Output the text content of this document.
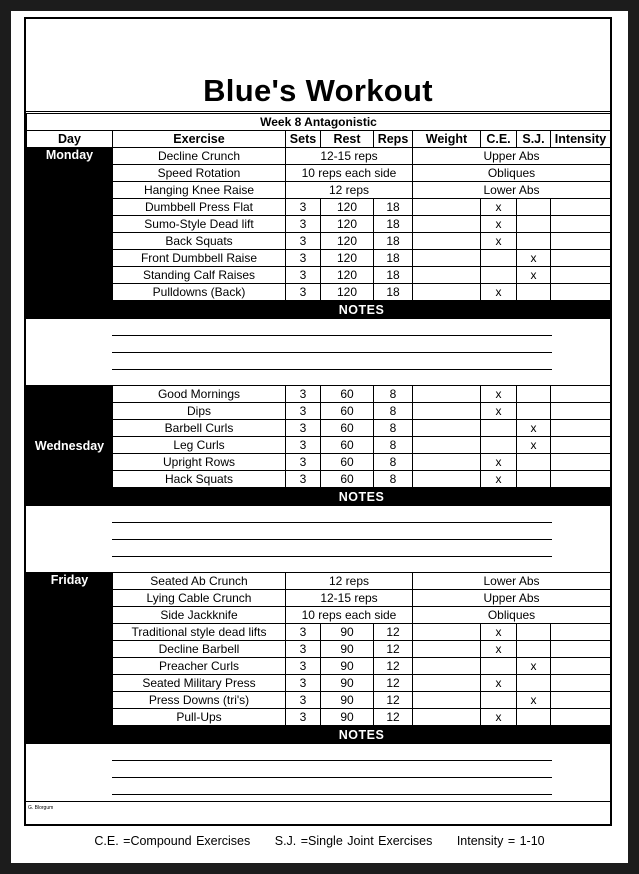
Blue's Workout
Week 8 Antagonistic								
Day	Exercise	Sets	Rest	Reps	Weight	C.E.	S.J.	Intensity

Monday	Decline Crunch	12-15 reps			Upper Abs			
	Speed Rotation	10 reps each side			Obliques			
	Hanging Knee Raise	12 reps			Lower Abs			
	Dumbbell Press Flat	3	120	18		x		
	Sumo-Style Dead lift	3	120	18		x		
	Back Squats	3	120	18		x		
	Front Dumbbell Raise	3	120	18			x	
	Standing Calf Raises	3	120	18			x	
	Pulldowns (Back)	3	120	18		x		
	NOTES							

Wednesday	Good Mornings	3	60	8		x		
	Dips	3	60	8		x		
	Barbell Curls	3	60	8			x	
	Leg Curls	3	60	8			x	
	Upright Rows	3	60	8		x		
	Hack Squats	3	60	8		x		
	NOTES							

Friday	Seated Ab Crunch	12 reps			Lower Abs			
	Lying Cable Crunch	12-15 reps			Upper Abs			
	Side Jackknife	10 reps each side			Obliques			
	Traditional style dead lifts	3	90	12		x		
	Decline Barbell	3	90	12		x		
	Preacher Curls	3	90	12			x	
	Seated Military Press	3	90	12		x		
	Press Downs (tri's)	3	90	12			x	
	Pull-Ups	3	90	12		x		
	NOTES							

G. Blorgum
C.E. =Compound Exercises S.J. =Single Joint Exercises Intensity = 1-10
